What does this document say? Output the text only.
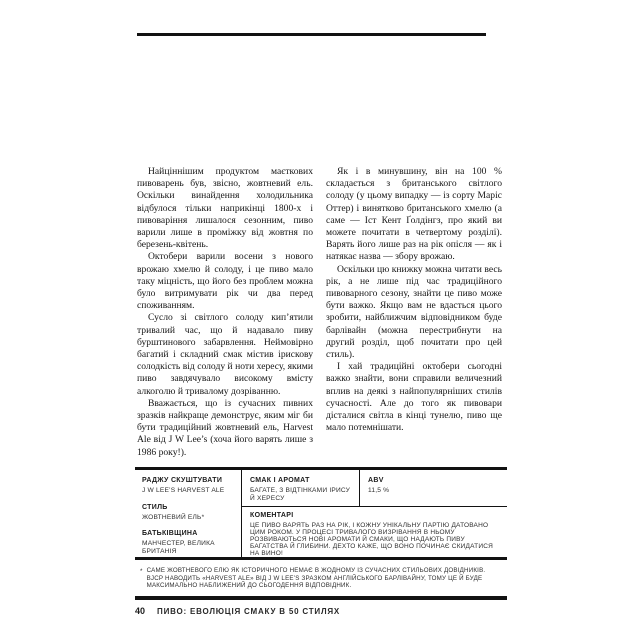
Найціннішим продуктом маєткових пивоварень був, звісно, жовтневий ель. Оскільки винайдення холодильника відбулося тільки наприкінці 1800-х і пивоваріння лишалося сезонним, пиво варили лише в проміжку від жовтня по березень-квітень.

Октобери варили восени з нового врожаю хмелю й солоду, і це пиво мало таку міцність, що його без проблем можна було витримувати рік чи два перед споживанням.

Сусло зі світлого солоду кип’ятили тривалий час, що й надавало пиву бурштинового забарвлення. Неймовірно багатий і складний смак містив ірискову солодкість від солоду й ноти хересу, якими пиво завдячувало високому вмісту алкоголю й тривалому дозріванню.

Вважається, що із сучасних пивних зразків найкраще демонструє, яким міг би бути традиційний жовтневий ель, Harvest Ale від J W Lee’s (хоча його варять лише з 1986 року!).

Як і в минувшину, він на 100 % складається з британського світлого солоду (у цьому випадку — із сорту Маріс Оттер) і винятково британського хмелю (а саме — Іст Кент Ґолдінгз, про який ви можете почитати в четвертому розділі). Варять його лише раз на рік опісля — як і натякає назва — збору врожаю.

Оскільки цю книжку можна читати весь рік, а не лише під час традиційного пивоварного сезону, знайти це пиво може бути важко. Якщо вам не вдасться цього зробити, найближчим відповідником буде барлівайн (можна перестрибнути на другий розділ, щоб почитати про цей стиль).

І хай традиційні октобери сьогодні важко знайти, вони справили величезний вплив на деякі з найпопулярніших стилів сучасності. Але до того як пивовари дісталися світла в кінці тунелю, пиво ще мало потемнішати.

РАДЖУ СКУШТУВАТИ
J W LEE’S HARVEST ALE
СТИЛЬ
ЖОВТНЕВИЙ ЕЛЬ*
БАТЬКІВЩИНА
МАНЧЕСТЕР, ВЕЛИКА БРИТАНІЯ
СМАК І АРОМАТ
БАГАТЕ, З ВІДТІНКАМИ ІРИСУ Й ХЕРЕСУ
ABV
11,5 %
КОМЕНТАРІ
ЦЕ ПИВО ВАРЯТЬ РАЗ НА РІК, І КОЖНУ УНІКАЛЬНУ ПАРТІЮ ДАТОВАНО ЦИМ РОКОМ. У ПРОЦЕСІ ТРИВАЛОГО ВИЗРІВАННЯ В НЬОМУ РОЗВИВАЮТЬСЯ НОВІ АРОМАТИ Й СМАКИ, ЩО НАДАЮТЬ ПИВУ БАГАТСТВА Й ГЛИБИНИ. ДЕХТО КАЖЕ, ЩО ВОНО ПОЧИНАЄ СКИДАТИСЯ НА ВИНО!
* САМЕ ЖОВТНЕВОГО ЕЛЮ ЯК ІСТОРИЧНОГО НЕМАЄ В ЖОДНОМУ ІЗ СУЧАСНИХ СТИЛЬОВИХ ДОВІДНИКІВ. BJCP НАВОДИТЬ «HARVEST ALE» ВІД J W LEE’S ЗРАЗКОМ АНГЛІЙСЬКОГО БАРЛІВАЙНУ, ТОМУ ЦЕ Й БУДЕ МАКСИМАЛЬНО НАБЛИЖЕНИЙ ДО СЬОГОДЕННЯ ВІДПОВІДНИК.
40 ПИВО: ЕВОЛЮЦІЯ СМАКУ В 50 СТИЛЯХ
